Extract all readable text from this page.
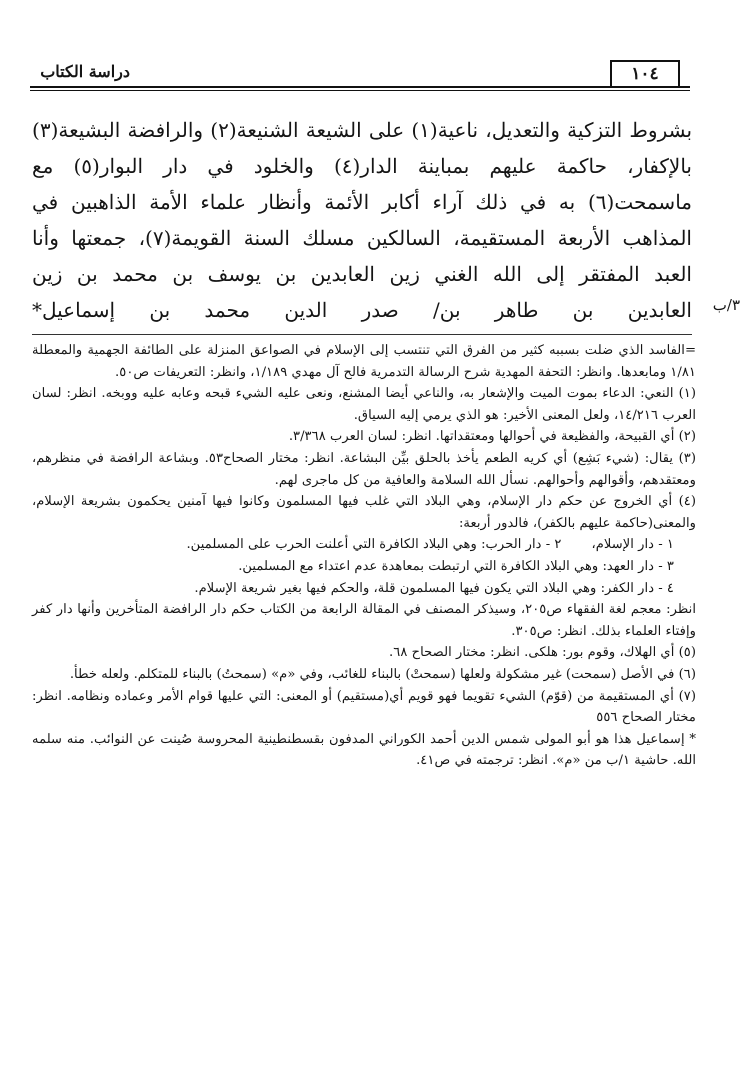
دراسة الكتاب	١٠٤
بشروط التزكية والتعديل، ناعية(١) على الشيعة الشنيعة(٢) والرافضة البشيعة(٣)
بالإكفار، حاكمة عليهم بمباينة الدار(٤) والخلود في دار البوار(٥) مع
ماسمحت(٦) به في ذلك آراء أكابر الأئمة وأنظار علماء الأمة الذاهبين في
المذاهب الأربعة المستقيمة، السالكين مسلك السنة القويمة(٧)، جمعتها وأنا
العبد المفتقر إلى الله الغني زين العابدين بن يوسف بن محمد بن زين
العابدين بن طاهر بن/ صدر الدين محمد بن إسماعيل*	٣/ب
=الفاسد الذي ضلت بسببه كثير من الفرق التي تنتسب إلى الإسلام في الصواعق المنزلة على الطائفة الجهمية والمعطلة ١/٨١ ومابعدها. وانظر: التحفة المهدية شرح الرسالة التدمرية فالح آل مهدي ١/١٨٩، وانظر: التعريفات ص٥٠.
(١) النعي: الدعاء بموت الميت والإشعار به، والناعي أيضا المشنع، ونعى عليه الشيء قبحه وعابه عليه ووبخه. انظر: لسان العرب ١٤/٢١٦، ولعل المعنى الأخير: هو الذي يرمي إليه السياق.
(٢) أي القبيحة، والفظيعة في أحوالها ومعتقداتها. انظر: لسان العرب ٣/٣٦٨.
(٣) يقال: (شيء بَشِع) أي كريه الطعم يأخذ بالحلق بيِّن البشاعة. انظر: مختار الصحاح٥٣. وبشاعة الرافضة في منظرهم، ومعتقدهم، وأقوالهم وأحوالهم. نسأل الله السلامة والعافية من كل ماجرى لهم.
(٤) أي الخروج عن حكم دار الإسلام، وهي البلاد التي غلب فيها المسلمون وكانوا فيها آمنين يحكمون بشريعة الإسلام، والمعنى(حاكمة عليهم بالكفر)، فالدور أربعة:
١ - دار الإسلام،
٢ - دار الحرب: وهي البلاد الكافرة التي أعلنت الحرب على المسلمين.
٣ - دار العهد: وهي البلاد الكافرة التي ارتبطت بمعاهدة عدم اعتداء مع المسلمين.
٤ - دار الكفر: وهي البلاد التي يكون فيها المسلمون قلة، والحكم فيها بغير شريعة الإسلام.
انظر: معجم لغة الفقهاء ص٢٠٥، وسيذكر المصنف في المقالة الرابعة من الكتاب حكم دار الرافضة المتأخرين وأنها دار كفر وإفتاء العلماء بذلك. انظر: ص٣٠٥.
(٥) أي الهلاك، وقوم بور: هلكى. انظر: مختار الصحاح ٦٨.
(٦) في الأصل (سمحت) غير مشكولة ولعلها (سمحتْ) بالبناء للغائب، وفي «م» (سمحتُ) بالبناء للمتكلم. ولعله خطأ.
(٧) أي المستقيمة من (قوّم) الشيء تقويما فهو قويم أي(مستقيم) أو المعنى: التي عليها قوام الأمر وعماده ونظامه. انظر: مختار الصحاح ٥٥٦
* إسماعيل هذا هو أبو المولى شمس الدين أحمد الكوراني المدفون بقسطنطينية المحروسة صُينت عن النوائب. منه سلمه الله. حاشية ١/ب من «م». انظر: ترجمته في ص٤١.
